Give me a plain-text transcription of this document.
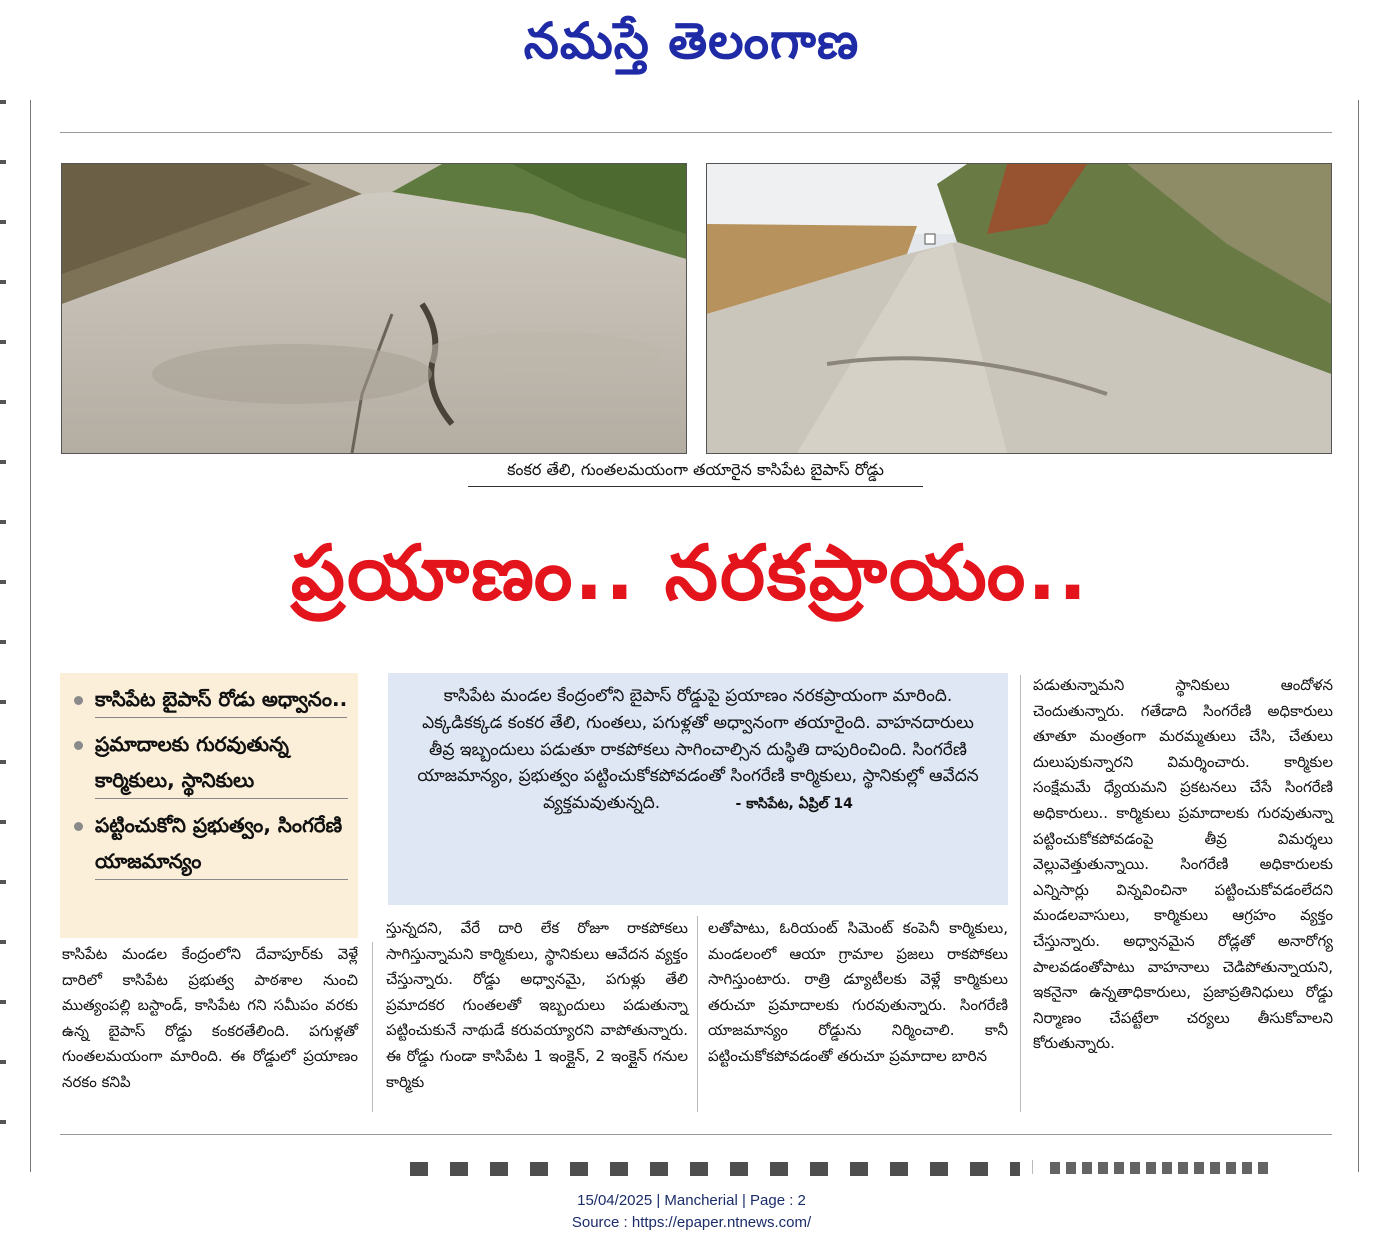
నమస్తే తెలంగాణ
కంకర తేలి, గుంతలమయంగా తయారైన కాసిపేట బైపాస్ రోడ్డు
ప్రయాణం.. నరకప్రాయం..
కాసిపేట బైపాస్ రోడు అధ్వానం..
ప్రమాదాలకు గురవుతున్న కార్మికులు, స్థానికులు
పట్టించుకోని ప్రభుత్వం, సింగరేణి యాజమాన్యం
కాసిపేట మండల కేంద్రంలోని బైపాస్ రోడ్డుపై ప్రయాణం నరకప్రాయంగా మారింది. ఎక్కడికక్కడ కంకర తేలి, గుంతలు, పగుళ్లతో అధ్వానంగా తయారైంది. వాహనదారులు తీవ్ర ఇబ్బందులు పడుతూ రాకపోకలు సాగించాల్సిన దుస్థితి దాపురించింది. సింగరేణి యాజమాన్యం, ప్రభుత్వం పట్టించుకోకపోవడంతో సింగరేణి కార్మికులు, స్థానికుల్లో ఆవేదన వ్యక్తమవుతున్నది.	- కాసిపేట, ఏప్రిల్ 14
కాసిపేట మండల కేంద్రంలోని దేవాపూర్‌కు వెళ్లే దారిలో కాసిపేట ప్రభుత్వ పాఠశాల నుంచి ముత్యంపల్లి బస్టాండ్, కాసిపేట గని సమీపం వరకు ఉన్న బైపాస్ రోడ్డు కంకరతేలింది. పగుళ్లతో గుంతలమయంగా మారింది. ఈ రోడ్డులో ప్రయాణం నరకం కనిపి
స్తున్నదని, వేరే దారి లేక రోజూ రాకపోకలు సాగిస్తున్నామని కార్మికులు, స్థానికులు ఆవేదన వ్యక్తం చేస్తున్నారు. రోడ్డు అధ్వానమై, పగుళ్లు తేలి ప్రమాదకర గుంతలతో ఇబ్బందులు పడుతున్నా పట్టించుకునే నాథుడే కరువయ్యారని వాపోతున్నారు. ఈ రోడ్డు గుండా కాసిపేట 1 ఇంక్లైన్, 2 ఇంక్లైన్ గనుల కార్మికు
లతోపాటు, ఓరియంట్ సిమెంట్ కంపెనీ కార్మికులు, మండలంలో ఆయా గ్రామాల ప్రజలు రాకపోకలు సాగిస్తుంటారు. రాత్రి డ్యూటీలకు వెళ్లే కార్మికులు తరుచూ ప్రమాదాలకు గురవుతున్నారు. సింగరేణి యాజమాన్యం రోడ్డును నిర్మించాలి. కానీ పట్టించుకోకపోవడంతో తరుచూ ప్రమాదాల బారిన
పడుతున్నామని స్థానికులు ఆందోళన చెందుతున్నారు. గతేడాది సింగరేణి అధికారులు తూతూ మంత్రంగా మరమ్మతులు చేసి, చేతులు దులుపుకున్నారని విమర్శించారు. కార్మికుల సంక్షేమమే ధ్యేయమని ప్రకటనలు చేసే సింగరేణి అధికారులు.. కార్మికులు ప్రమాదాలకు గురవుతున్నా పట్టించుకోకపోవడంపై తీవ్ర విమర్శలు వెల్లువెత్తుతున్నాయి. సింగరేణి అధికారులకు ఎన్నిసార్లు విన్నవించినా పట్టించుకోవడంలేదని మండలవాసులు, కార్మికులు ఆగ్రహం వ్యక్తం చేస్తున్నారు. అధ్వానమైన రోడ్లతో అనారోగ్య పాలవడంతోపాటు వాహనాలు చెడిపోతున్నాయని, ఇకనైనా ఉన్నతాధికారులు, ప్రజాప్రతినిధులు రోడ్డు నిర్మాణం చేపట్టేలా చర్యలు తీసుకోవాలని కోరుతున్నారు.
15/04/2025 | Mancherial | Page : 2
Source : https://epaper.ntnews.com/
